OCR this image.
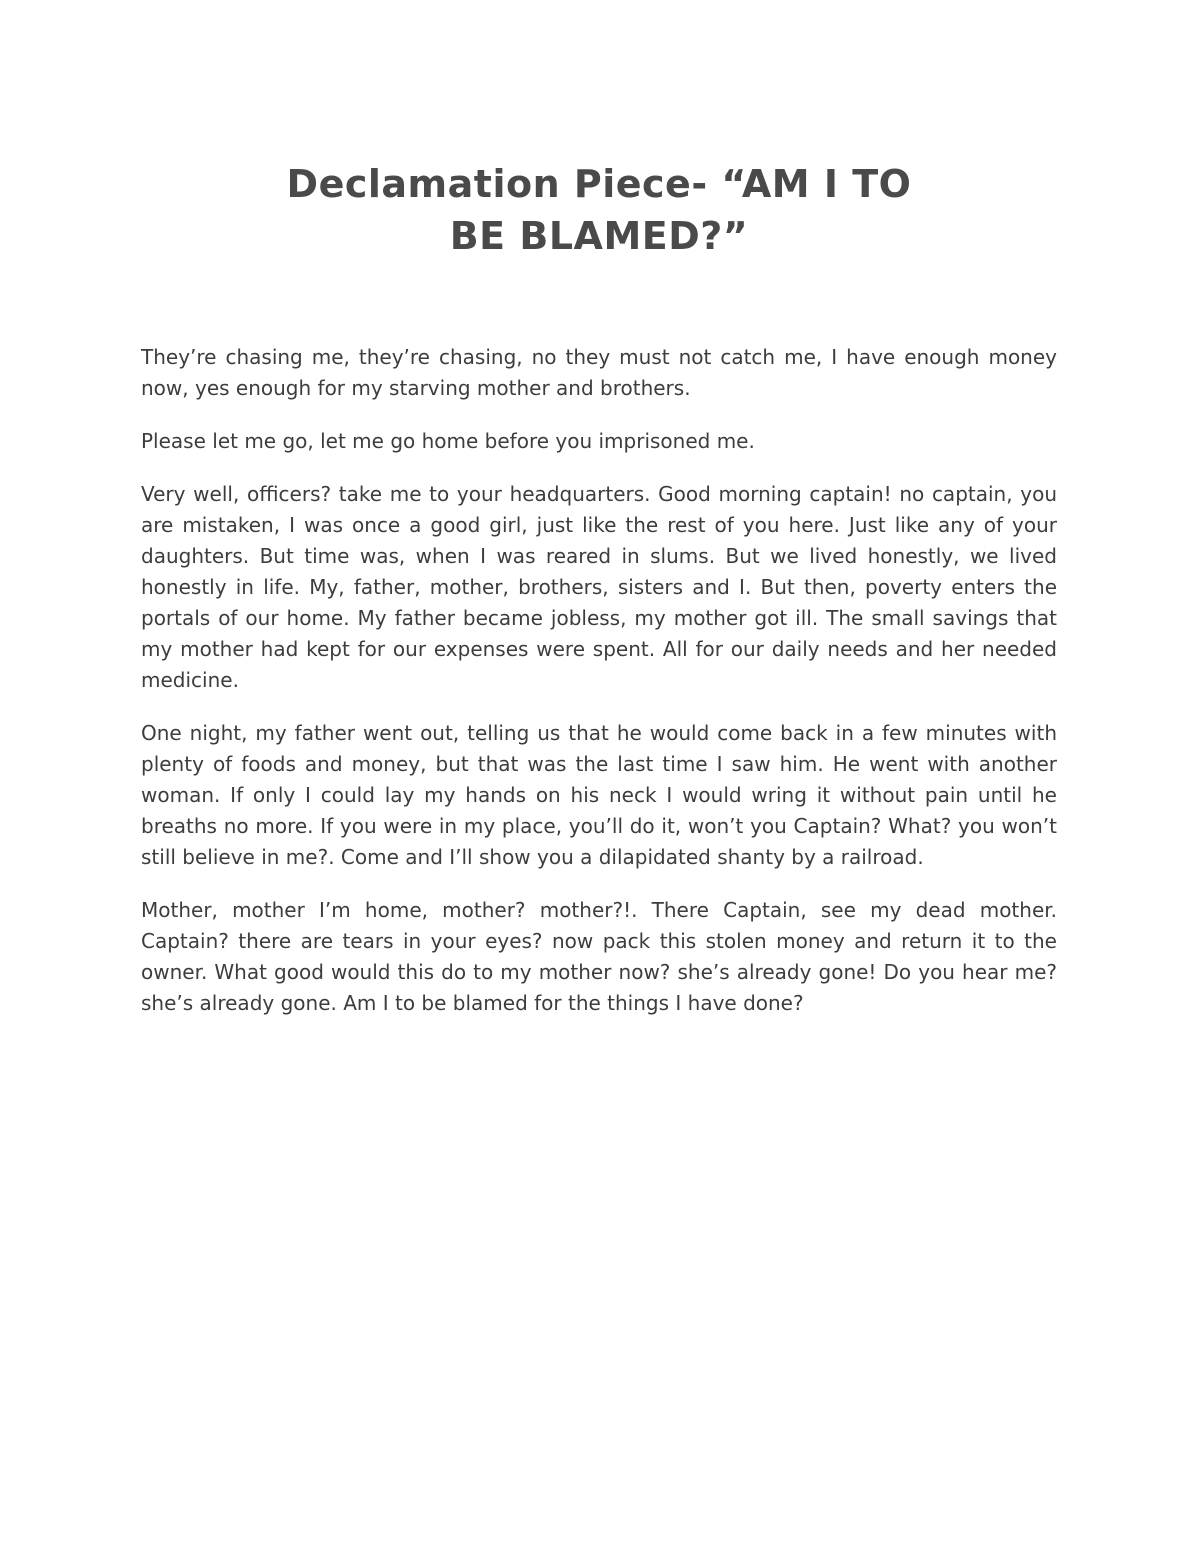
Declamation Piece- “AM I TO
BE BLAMED?”

They’re chasing me, they’re chasing, no they must not catch me, I have enough money now, yes enough for my starving mother and brothers.

Please let me go, let me go home before you imprisoned me.

Very well, officers? take me to your headquarters. Good morning captain! no captain, you are mistaken, I was once a good girl, just like the rest of you here. Just like any of your daughters. But time was, when I was reared in slums. But we lived honestly, we lived honestly in life. My, father, mother, brothers, sisters and I. But then, poverty enters the portals of our home. My father became jobless, my mother got ill. The small savings that my mother had kept for our expenses were spent. All for our daily needs and her needed medicine.

One night, my father went out, telling us that he would come back in a few minutes with plenty of foods and money, but that was the last time I saw him. He went with another woman. If only I could lay my hands on his neck I would wring it without pain until he breaths no more. If you were in my place, you’ll do it, won’t you Captain? What? you won’t still believe in me?. Come and I’ll show you a dilapidated shanty by a railroad.

Mother, mother I’m home, mother? mother?!. There Captain, see my dead mother. Captain? there are tears in your eyes? now pack this stolen money and return it to the owner. What good would this do to my mother now? she’s already gone! Do you hear me? she’s already gone. Am I to be blamed for the things I have done?
